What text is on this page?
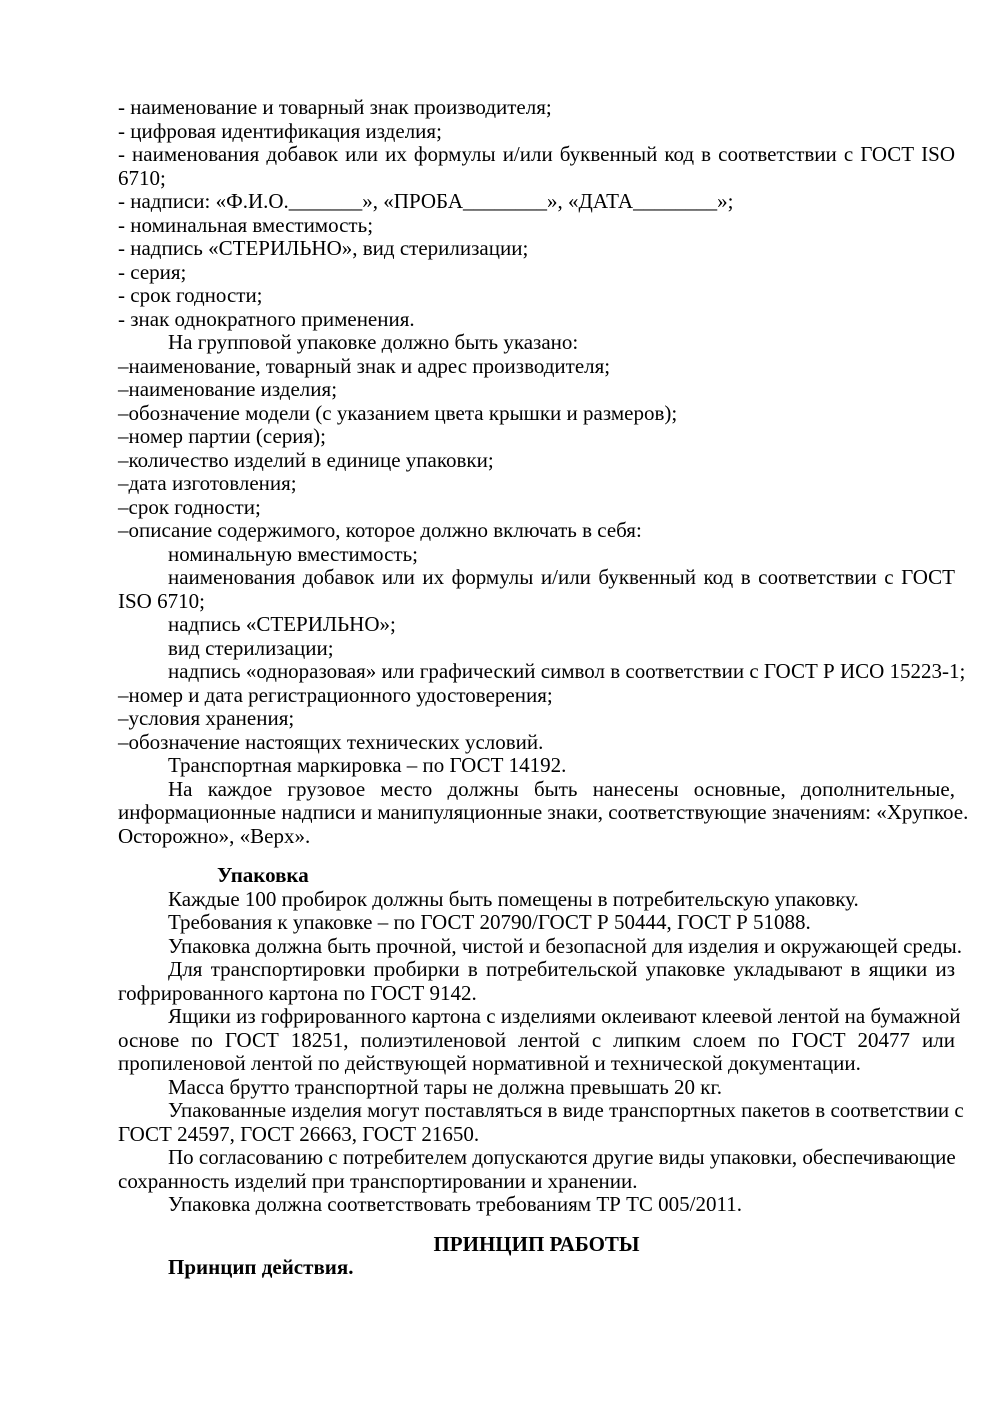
- наименование и товарный знак производителя;
- цифровая идентификация изделия;
- наименования добавок или их формулы и/или буквенный код в соответствии с ГОСТ ISO
6710;
- надписи: «Ф.И.О._______», «ПРОБА________», «ДАТА________»;
- номинальная вместимость;
- надпись «СТЕРИЛЬНО», вид стерилизации;
- серия;
- срок годности;
- знак однократного применения.
На групповой упаковке должно быть указано:
–наименование, товарный знак и адрес производителя;
–наименование изделия;
–обозначение модели (с указанием цвета крышки и размеров);
–номер партии (серия);
–количество изделий в единице упаковки;
–дата изготовления;
–срок годности;
–описание содержимого, которое должно включать в себя:
номинальную вместимость;
наименования добавок или их формулы и/или буквенный код в соответствии с ГОСТ
ISO 6710;
надпись «СТЕРИЛЬНО»;
вид стерилизации;
надпись «одноразовая» или графический символ в соответствии с ГОСТ Р ИСО 15223-1;
–номер и дата регистрационного удостоверения;
–условия хранения;
–обозначение настоящих технических условий.
Транспортная маркировка – по ГОСТ 14192.
На каждое грузовое место должны быть нанесены основные, дополнительные,
информационные надписи и манипуляционные знаки, соответствующие значениям: «Хрупкое.
Осторожно», «Верх».
Упаковка
Каждые 100 пробирок должны быть помещены в потребительскую упаковку.
Требования к упаковке – по ГОСТ 20790/ГОСТ Р 50444, ГОСТ Р 51088.
Упаковка должна быть прочной, чистой и безопасной для изделия и окружающей среды.
Для транспортировки пробирки в потребительской упаковке укладывают в ящики из
гофрированного картона по ГОСТ 9142.
Ящики из гофрированного картона с изделиями оклеивают клеевой лентой на бумажной
основе по ГОСТ 18251, полиэтиленовой лентой с липким слоем по ГОСТ 20477 или
пропиленовой лентой по действующей нормативной и технической документации.
Масса брутто транспортной тары не должна превышать 20 кг.
Упакованные изделия могут поставляться в виде транспортных пакетов в соответствии с
ГОСТ 24597, ГОСТ 26663, ГОСТ 21650.
По согласованию с потребителем допускаются другие виды упаковки, обеспечивающие
сохранность изделий при транспортировании и хранении.
Упаковка должна соответствовать требованиям ТР ТС 005/2011.
ПРИНЦИП РАБОТЫ
Принцип действия.
